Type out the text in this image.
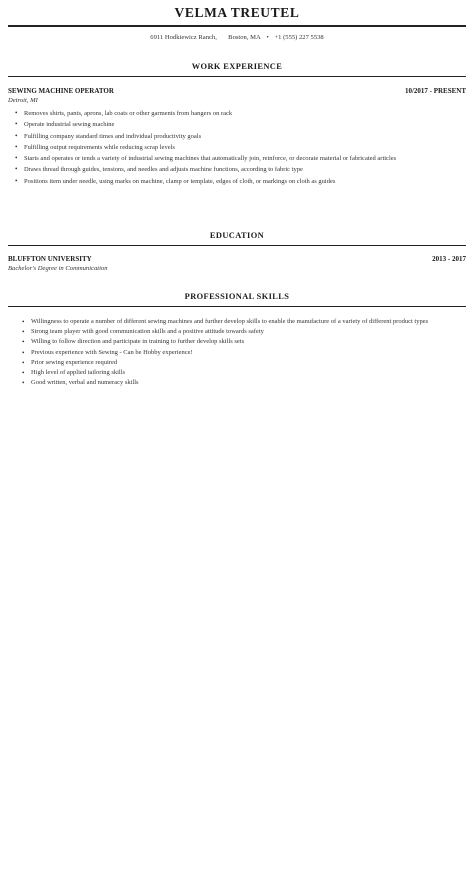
VELMA TREUTEL
6911 Hodkiewicz Ranch, Boston, MA • +1 (555) 227 5538
WORK EXPERIENCE
SEWING MACHINE OPERATOR	10/2017 - PRESENT
Detroit, MI
• Removes shirts, pants, aprons, lab coats or other garments from hangers on rack
• Operate industrial sewing machine
• Fulfilling company standard times and individual productivity goals
• Fulfilling output requirements while reducing scrap levels
• Starts and operates or tends a variety of industrial sewing machines that automatically join, reinforce, or decorate material or fabricated articles
• Draws thread through guides, tensions, and needles and adjusts machine functions, according to fabric type
• Positions item under needle, using marks on machine, clamp or template, edges of cloth, or markings on cloth as guides
EDUCATION
BLUFFTON UNIVERSITY	2013 - 2017
Bachelor's Degree in Communication
PROFESSIONAL SKILLS
• Willingness to operate a number of different sewing machines and further develop skills to enable the manufacture of a variety of different product types
• Strong team player with good communication skills and a positive attitude towards safety
• Willing to follow direction and participate in training to further develop skills sets
• Previous experience with Sewing - Can be Hobby experience!
• Prior sewing experience required
• High level of applied tailoring skills
• Good written, verbal and numeracy skills
